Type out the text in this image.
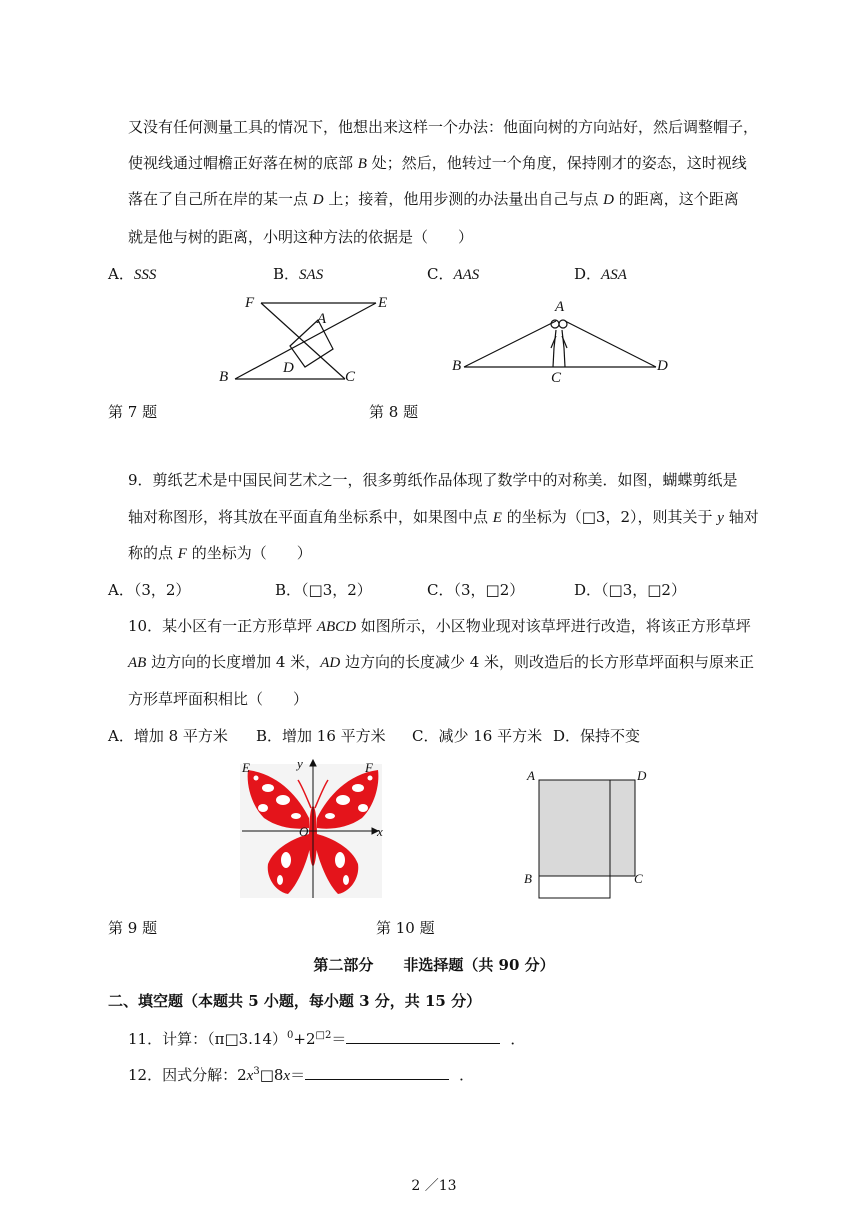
又没有任何测量工具的情况下，他想出来这样一个办法：他面向树的方向站好，然后调整帽子，
使视线通过帽檐正好落在树的底部 B 处；然后，他转过一个角度，保持刚才的姿态，这时视线
落在了自己所在岸的某一点 D 上；接着，他用步测的办法量出自己与点 D 的距离，这个距离
就是他与树的距离，小明这种方法的依据是（　　）
A．SSS	B．SAS	C．AAS	D．ASA
F	E
A
D
B	C
A
B
C
D
第 7 题	第 8 题
9．剪纸艺术是中国民间艺术之一，很多剪纸作品体现了数学中的对称美．如图，蝴蝶剪纸是
轴对称图形，将其放在平面直角坐标系中，如果图中点 E 的坐标为（□3，2），则其关于 y 轴对
称的点 F 的坐标为（　　）
A．（3，2）	B．（□3，2）	C．（3，□2）	D．（□3，□2）
10．某小区有一正方形草坪 ABCD 如图所示，小区物业现对该草坪进行改造，将该正方形草坪
AB 边方向的长度增加 4 米，AD 边方向的长度减少 4 米，则改造后的长方形草坪面积与原来正
方形草坪面积相比（　　）
A．增加 8 平方米 B．增加 16 平方米 C．减少 16 平方米 D．保持不变
E	F
y
x
O
A	D
B	C
第 9 题	第 10 题
第二部分　　非选择题（共 90 分）
二、填空题（本题共 5 小题，每小题 3 分，共 15 分）
11．计算：$(\pi□3.14)^0+2^{□2}=$	．
12．因式分解：$2x^3□8x=$	．
2 ／13
